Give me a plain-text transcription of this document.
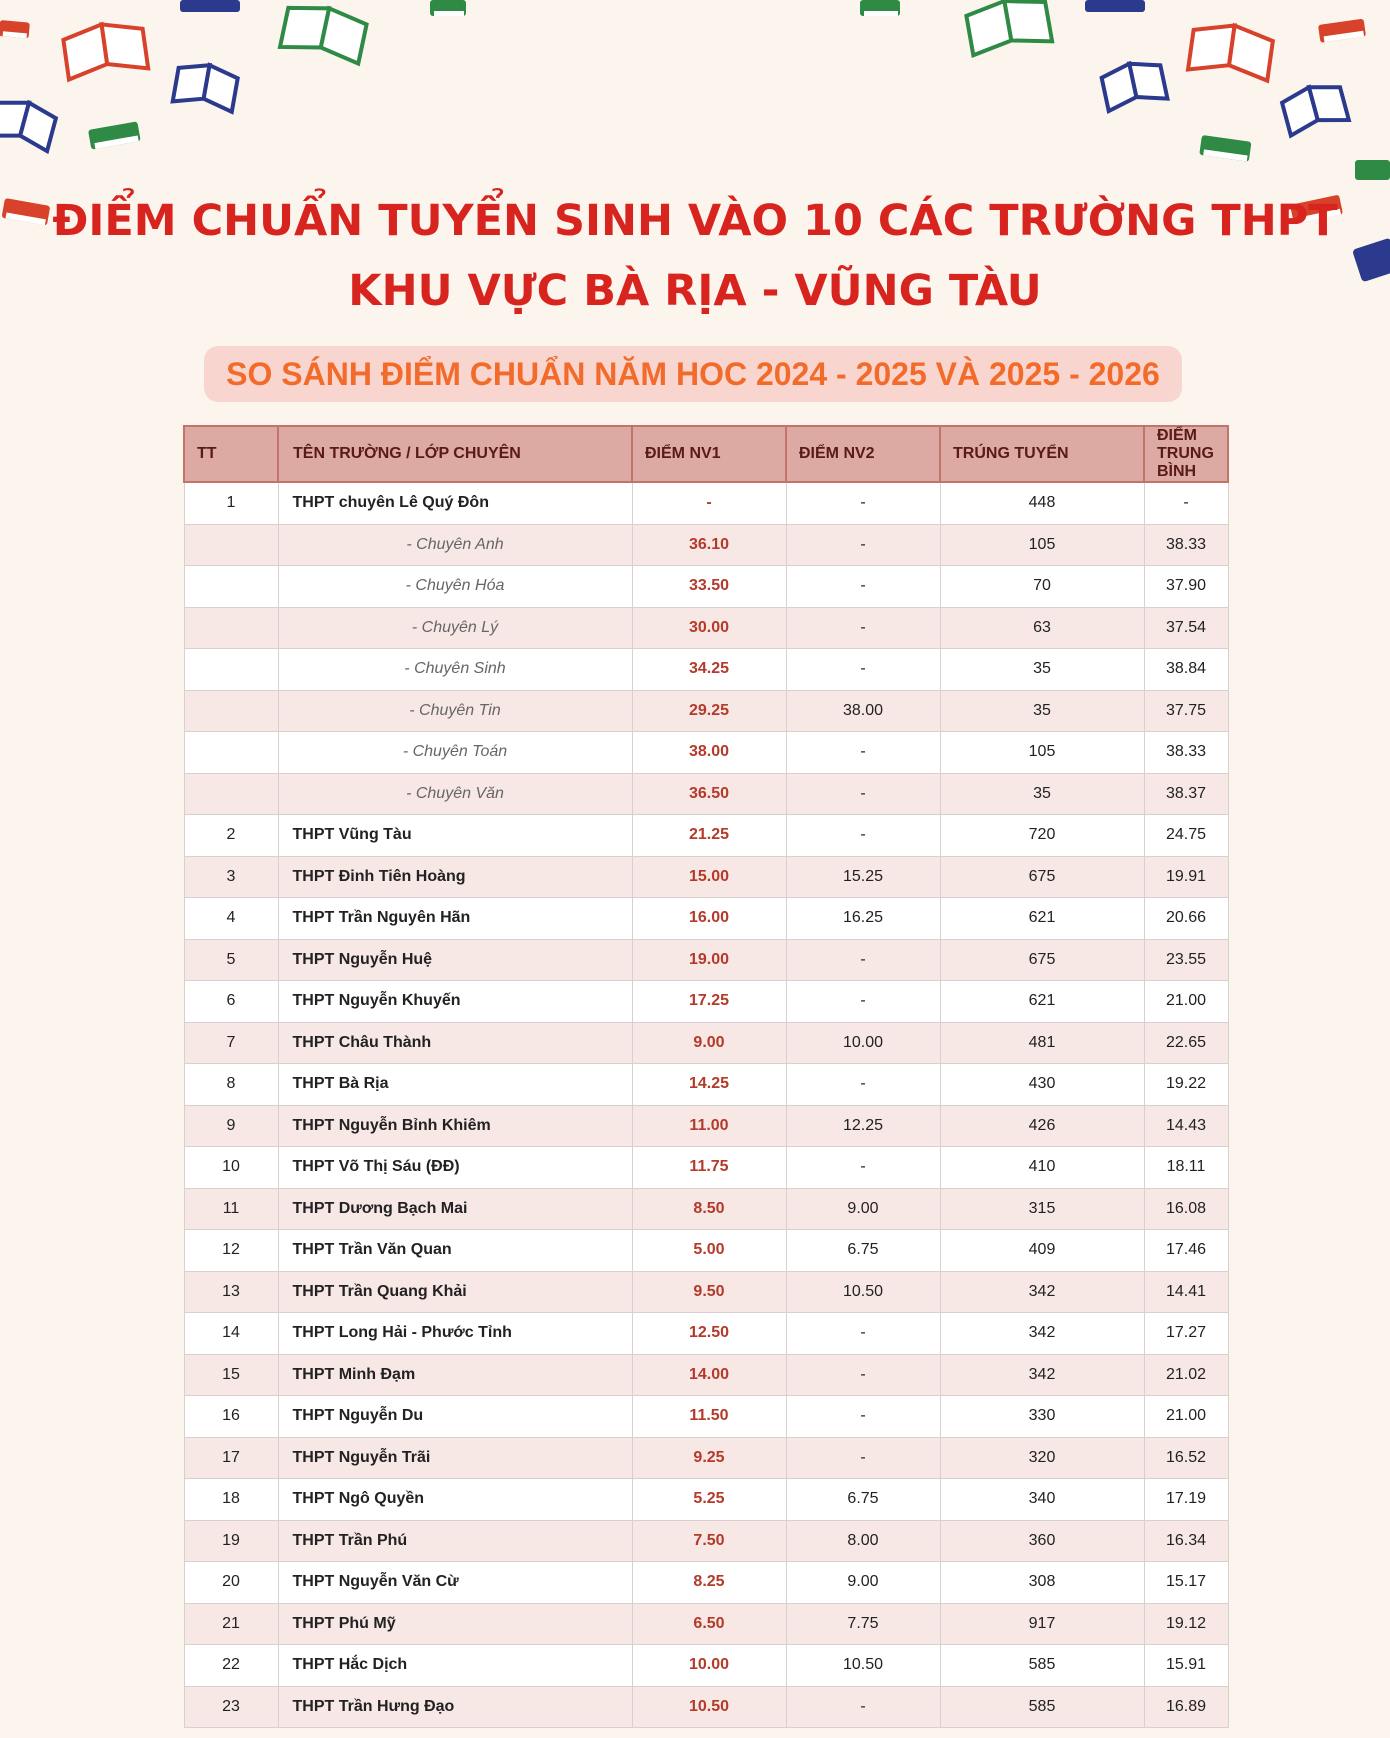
ĐIỂM CHUẨN TUYỂN SINH VÀO 10 CÁC TRƯỜNG THPT
KHU VỰC BÀ RỊA - VŨNG TÀU
SO SÁNH ĐIỂM CHUẨN NĂM HOC 2024 - 2025 VÀ 2025 - 2026
TT	TÊN TRƯỜNG / LỚP CHUYÊN	ĐIỂM NV1	ĐIỂM NV2	TRÚNG TUYỂN	ĐIỂM TRUNG BÌNH
1	THPT chuyên Lê Quý Đôn	-	-	448	-
	- Chuyên Anh	36.10	-	105	38.33
	- Chuyên Hóa	33.50	-	70	37.90
	- Chuyên Lý	30.00	-	63	37.54
	- Chuyên Sinh	34.25	-	35	38.84
	- Chuyên Tin	29.25	38.00	35	37.75
	- Chuyên Toán	38.00	-	105	38.33
	- Chuyên Văn	36.50	-	35	38.37
2	THPT Vũng Tàu	21.25	-	720	24.75
3	THPT Đinh Tiên Hoàng	15.00	15.25	675	19.91
4	THPT Trần Nguyên Hãn	16.00	16.25	621	20.66
5	THPT Nguyễn Huệ	19.00	-	675	23.55
6	THPT Nguyễn Khuyến	17.25	-	621	21.00
7	THPT Châu Thành	9.00	10.00	481	22.65
8	THPT Bà Rịa	14.25	-	430	19.22
9	THPT Nguyễn Bỉnh Khiêm	11.00	12.25	426	14.43
10	THPT Võ Thị Sáu (ĐĐ)	11.75	-	410	18.11
11	THPT Dương Bạch Mai	8.50	9.00	315	16.08
12	THPT Trần Văn Quan	5.00	6.75	409	17.46
13	THPT Trần Quang Khải	9.50	10.50	342	14.41
14	THPT Long Hải - Phước Tỉnh	12.50	-	342	17.27
15	THPT Minh Đạm	14.00	-	342	21.02
16	THPT Nguyễn Du	11.50	-	330	21.00
17	THPT Nguyễn Trãi	9.25	-	320	16.52
18	THPT Ngô Quyền	5.25	6.75	340	17.19
19	THPT Trần Phú	7.50	8.00	360	16.34
20	THPT Nguyễn Văn Cừ	8.25	9.00	308	15.17
21	THPT Phú Mỹ	6.50	7.75	917	19.12
22	THPT Hắc Dịch	10.00	10.50	585	15.91
23	THPT Trần Hưng Đạo	10.50	-	585	16.89
